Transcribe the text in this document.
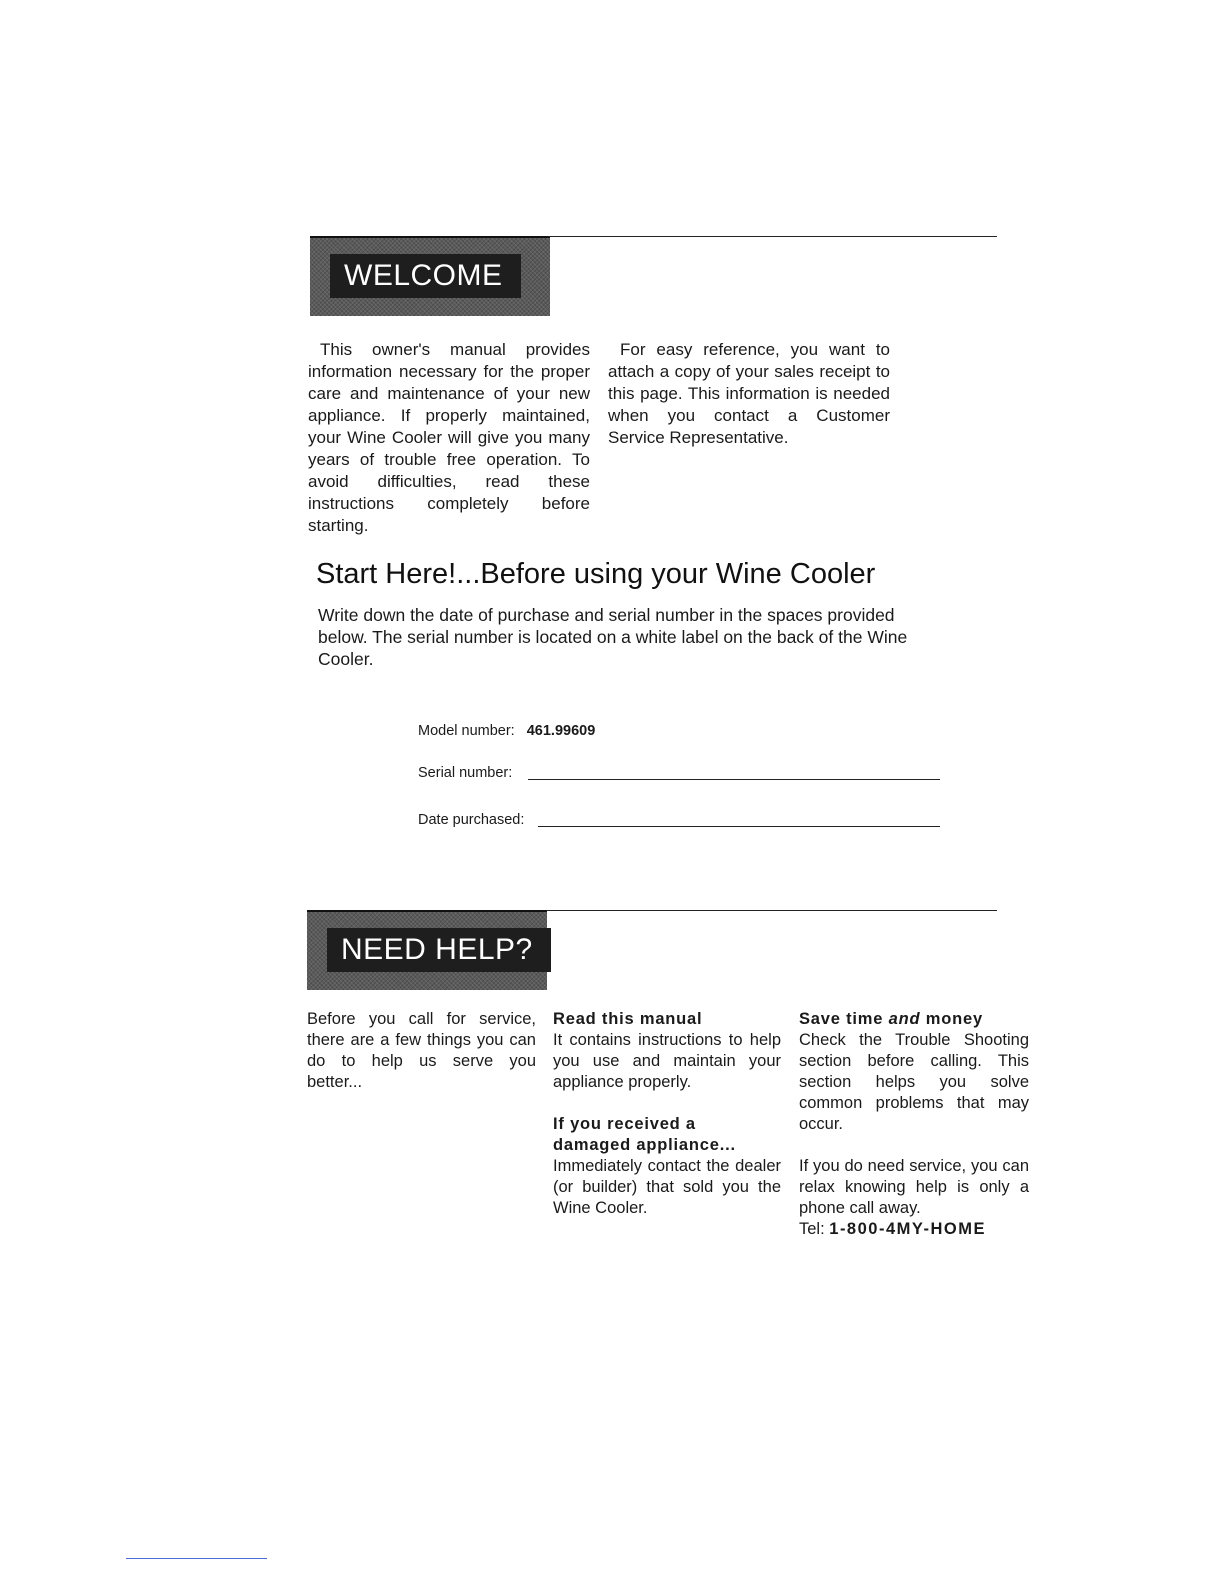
WELCOME

This owner's manual provides information necessary for the proper care and maintenance of your new appliance. If properly maintained, your Wine Cooler will give you many years of trouble free operation. To avoid difficulties, read these instructions completely before starting.

For easy reference, you want to attach a copy of your sales receipt to this page. This information is needed when you contact a Customer Service Representative.

Start Here!...Before using your Wine Cooler
Write down the date of purchase and serial number in the spaces provided below. The serial number is located on a white label on the back of the Wine Cooler.
Model number: 461.99609
Serial number:
Date purchased:
NEED HELP?

Before you call for service, there are a few things you can do to help us serve you better...

Read this manual

It contains instructions to help you use and maintain your appliance properly.

If you received a

damaged appliance...

Immediately contact the dealer (or builder) that sold you the Wine Cooler.

Save time and money

Check the Trouble Shooting section before calling. This section helps you solve common problems that may occur.

If you do need service, you can relax knowing help is only a phone call away.

Tel: 1-800-4MY-HOME
